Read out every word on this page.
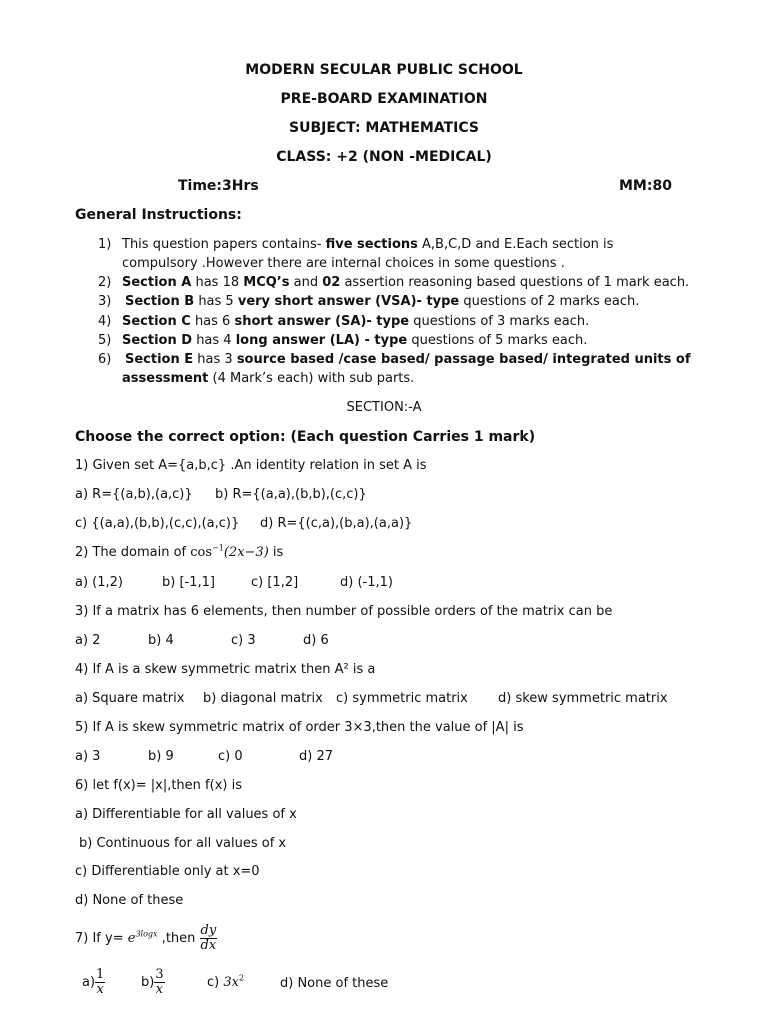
MODERN SECULAR PUBLIC SCHOOL
PRE-BOARD EXAMINATION
SUBJECT: MATHEMATICS
CLASS: +2 (NON -MEDICAL)
Time:3Hrs	MM:80
General Instructions:
1) This question papers contains- five sections A,B,C,D and E.Each section is
compulsory .However there are internal choices in some questions .
2) Section A has 18 MCQ’s and 02 assertion reasoning based questions of 1 mark each.
3) Section B has 5 very short answer (VSA)- type questions of 2 marks each.
4) Section C has 6 short answer (SA)- type questions of 3 marks each.
5) Section D has 4 long answer (LA) - type questions of 5 marks each.
6) Section E has 3 source based /case based/ passage based/ integrated units of
assessment (4 Mark’s each) with sub parts.
SECTION:-A
Choose the correct option: (Each question Carries 1 mark)
1) Given set A={a,b,c} .An identity relation in set A is
a) R={(a,b),(a,c)} b) R={(a,a),(b,b),(c,c)}
c) {(a,a),(b,b),(c,c),(a,c)} d) R={(c,a),(b,a),(a,a)}
2) The domain of $\cos^{-1}(2x-3)$ is
a) (1,2)	b) [-1,1]	c) [1,2]	d) (-1,1)
3) If a matrix has 6 elements, then number of possible orders of the matrix can be
a) 2	b) 4	c) 3	d) 6
4) If A is a skew symmetric matrix then A² is a
a) Square matrix b) diagonal matrix c) symmetric matrix d) skew symmetric matrix
5) If A is skew symmetric matrix of order 3×3,then the value of |A| is
a) 3	b) 9	c) 0	d) 27
6) let f(x)= |x|,then f(x) is
a) Differentiable for all values of x
b) Continuous for all values of x
c) Differentiable only at x=0
d) None of these
7) If $y= e^{3logx}$ ,then $\frac{dy}{dx}$
$a) \frac{1}{x}$	$b) \frac{3}{x}$	c) $3x^2$	d) None of these
